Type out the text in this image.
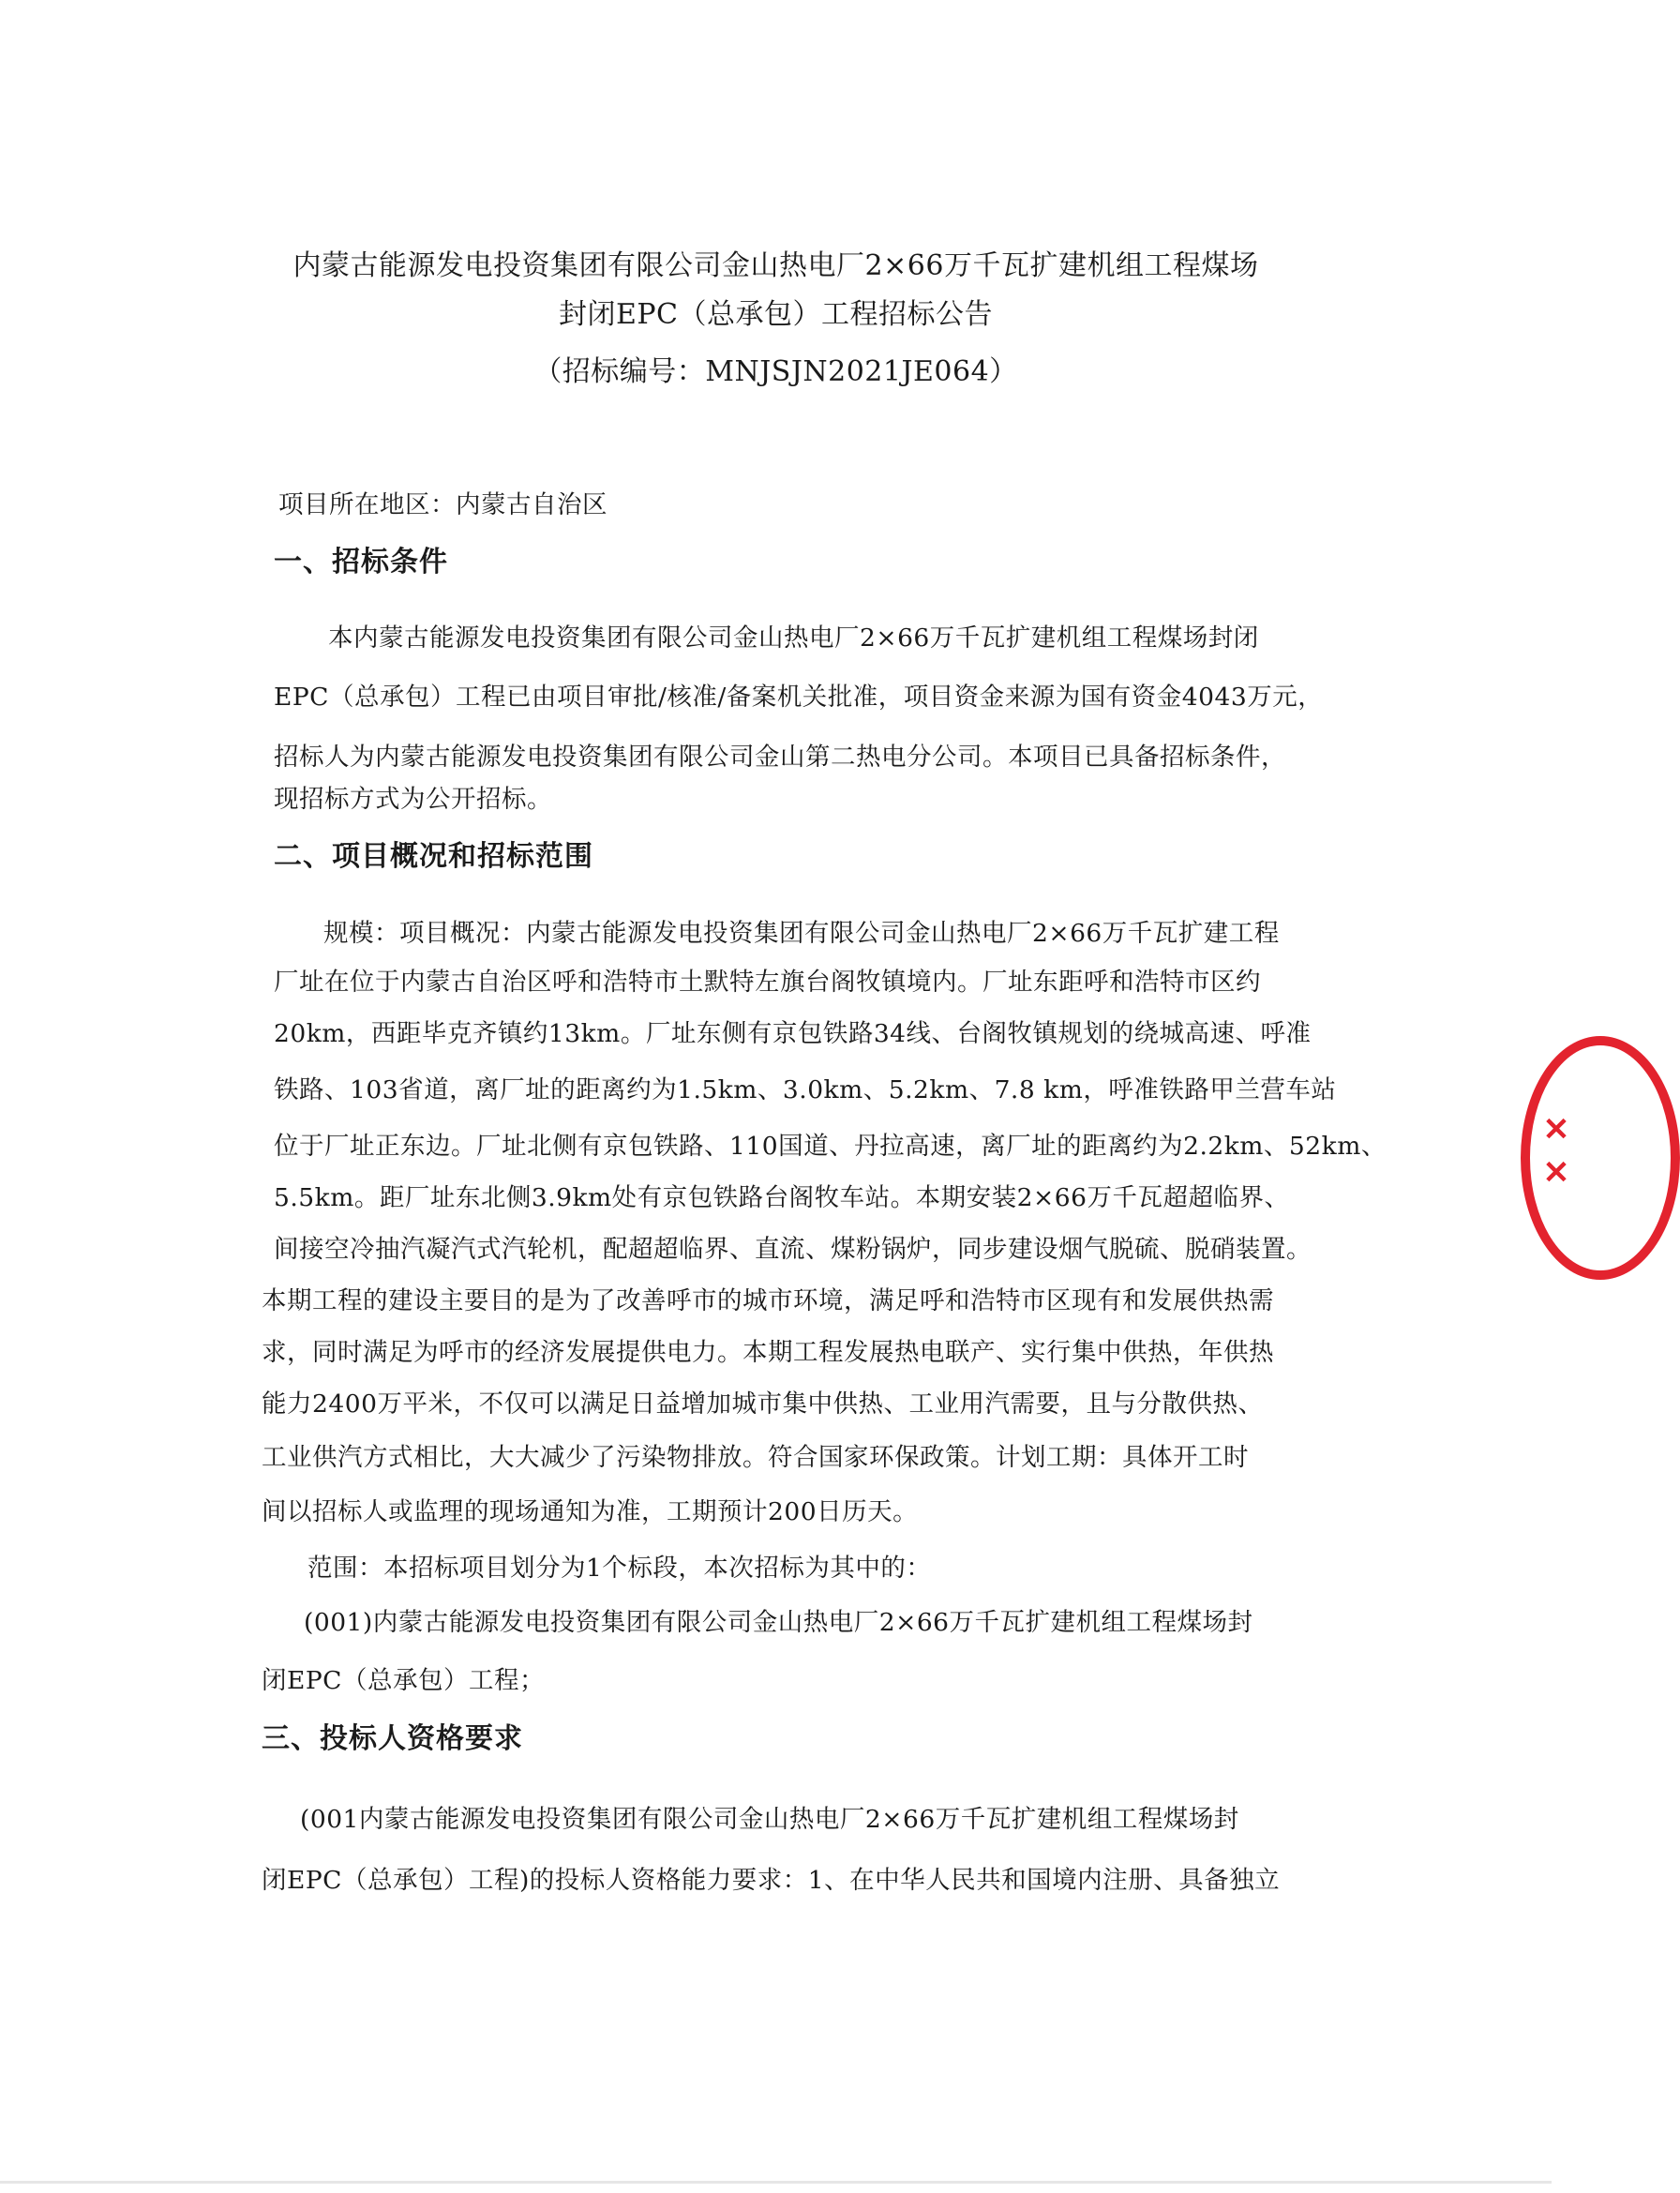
内蒙古能源发电投资集团有限公司金山热电厂2×66万千瓦扩建机组工程煤场
封闭EPC（总承包）工程招标公告
（招标编号：MNJSJN2021JE064）
项目所在地区：内蒙古自治区
一、招标条件
本内蒙古能源发电投资集团有限公司金山热电厂2×66万千瓦扩建机组工程煤场封闭
EPC（总承包）工程已由项目审批/核准/备案机关批准，项目资金来源为国有资金4043万元，
招标人为内蒙古能源发电投资集团有限公司金山第二热电分公司。本项目已具备招标条件，
现招标方式为公开招标。
二、项目概况和招标范围
规模：项目概况：内蒙古能源发电投资集团有限公司金山热电厂2×66万千瓦扩建工程
厂址在位于内蒙古自治区呼和浩特市土默特左旗台阁牧镇境内。厂址东距呼和浩特市区约
20km，西距毕克齐镇约13km。厂址东侧有京包铁路34线、台阁牧镇规划的绕城高速、呼准
铁路、103省道，离厂址的距离约为1.5km、3.0km、5.2km、7.8 km，呼准铁路甲兰营车站
位于厂址正东边。厂址北侧有京包铁路、110国道、丹拉高速，离厂址的距离约为2.2km、52km、
5.5km。距厂址东北侧3.9km处有京包铁路台阁牧车站。本期安装2×66万千瓦超超临界、
间接空冷抽汽凝汽式汽轮机，配超超临界、直流、煤粉锅炉，同步建设烟气脱硫、脱硝装置。
本期工程的建设主要目的是为了改善呼市的城市环境，满足呼和浩特市区现有和发展供热需
求，同时满足为呼市的经济发展提供电力。本期工程发展热电联产、实行集中供热，年供热
能力2400万平米，不仅可以满足日益增加城市集中供热、工业用汽需要，且与分散供热、
工业供汽方式相比，大大减少了污染物排放。符合国家环保政策。计划工期：具体开工时
间以招标人或监理的现场通知为准，工期预计200日历天。
范围：本招标项目划分为1个标段，本次招标为其中的：
(001)内蒙古能源发电投资集团有限公司金山热电厂2×66万千瓦扩建机组工程煤场封
闭EPC（总承包）工程；
三、投标人资格要求
(001内蒙古能源发电投资集团有限公司金山热电厂2×66万千瓦扩建机组工程煤场封
闭EPC（总承包）工程)的投标人资格能力要求：1、在中华人民共和国境内注册、具备独立
✕✕
